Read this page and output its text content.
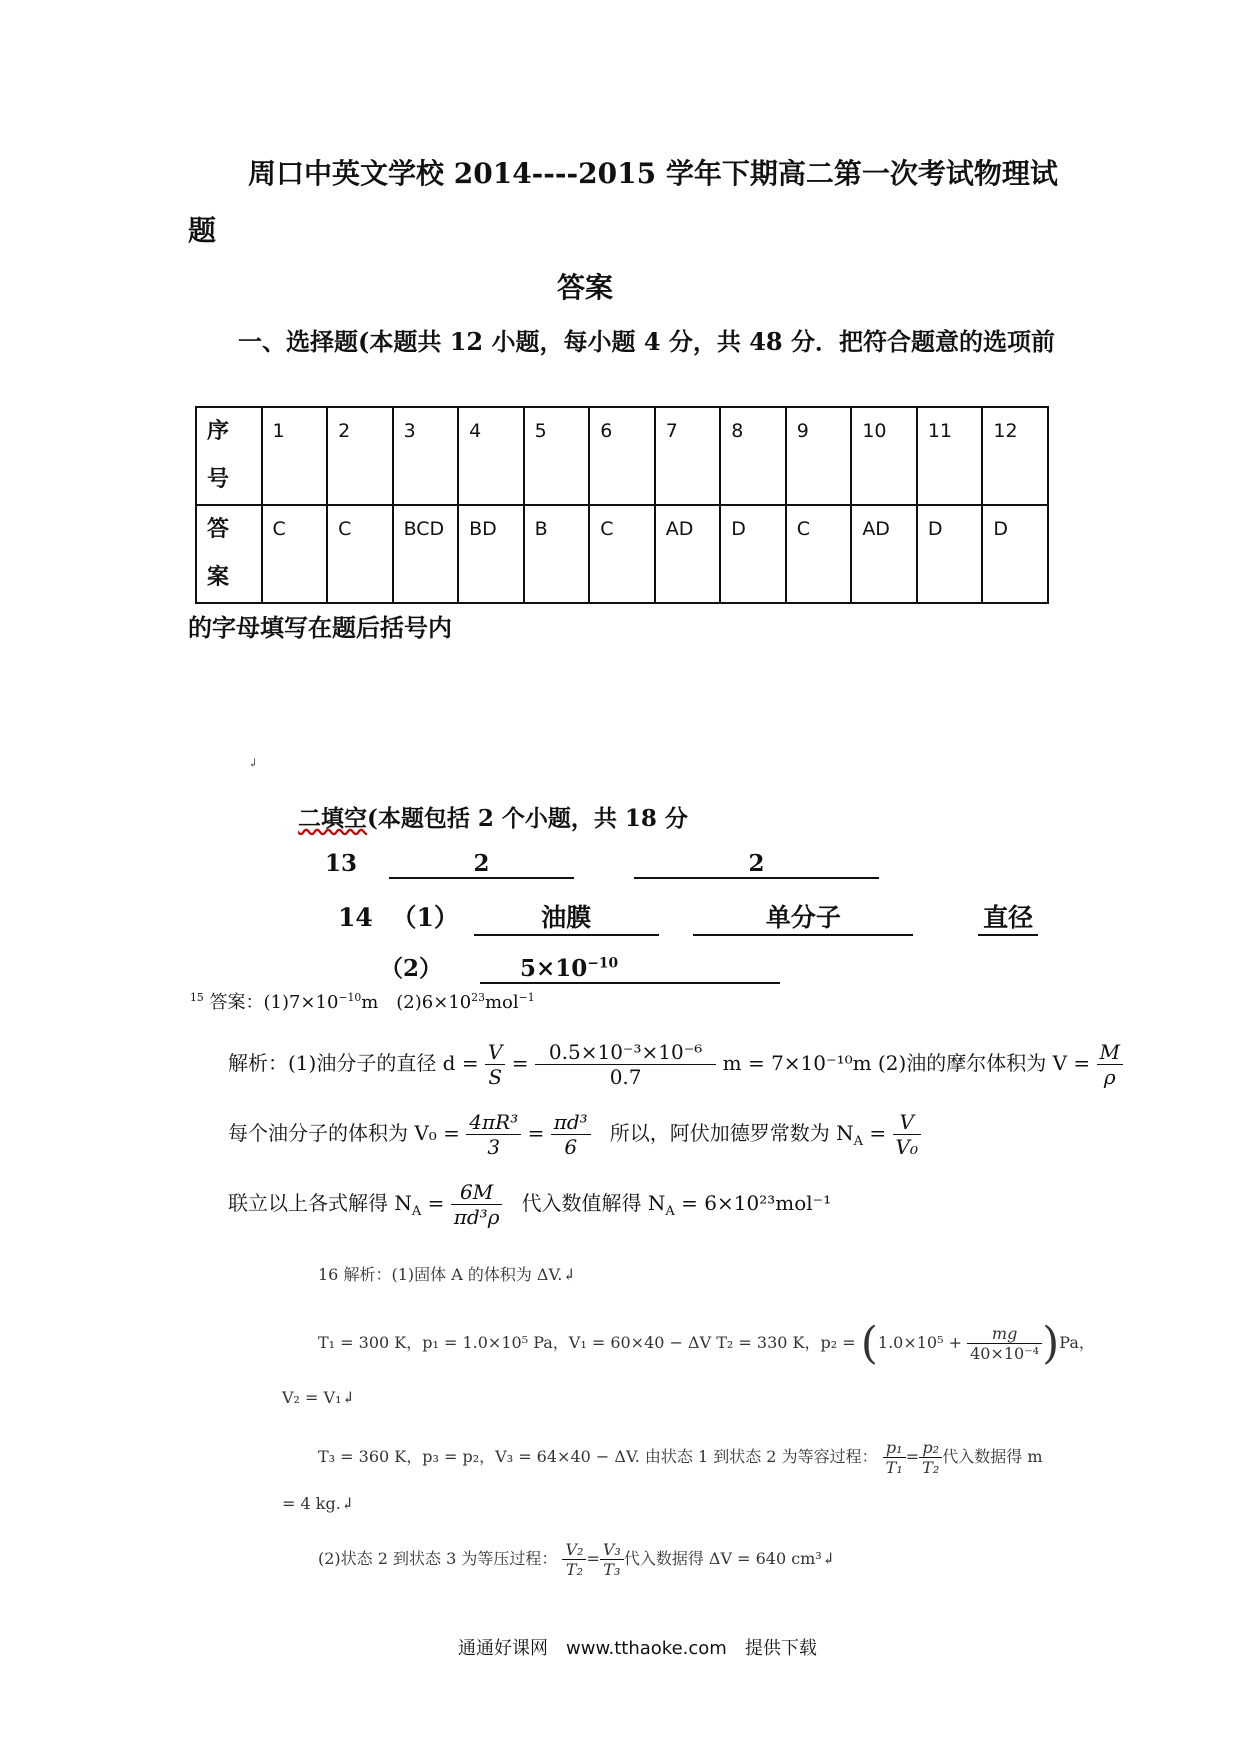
周口中英文学校 2014----2015 学年下期高二第一次考试物理试
题
答案
一、选择题(本题共 12 小题，每小题 4 分，共 48 分．把符合题意的选项前
序号	1	2	3	4	5	6	7	8	9	10	11	12

答案	C	C	BCD	BD	B	C	AD	D	C	AD	D	D
的字母填写在题后括号内
↲
二填空(本题包括 2 个小题，共 18 分
13	2	2
14 （1）	油膜	单分子	直径
（2）	$5\times 10^{-10}$
$^{15}$ 答案：$(1)7\times 10^{-10}m$　$(2)6\times 10^{23}mol^{-1}$
解析：(1)油分子的直径 $d = \frac{V}{S} = \frac{\text{0.5×10⁻³×10⁻⁶}}{0.7}$ m = 7×10⁻¹⁰m (2)油的摩尔体积为 $V = \frac{M}{\rho}$
每个油分子的体积为 $V_0 = \frac{\text{4πR³}}{3} = \frac{\text{πd³}}{6}$ 所以，阿伏加德罗常数为 $N_A = \frac{V}{\text{V₀}}$
联立以上各式解得 $N_A = \frac{6M}{\text{πd³ρ}}$ 代入数值解得 $N_A = 6\times 10^{23}mol^{-1}$
16 解析：(1)固体 A 的体积为 ΔV.↲
T₁ = 300 K，p₁ = 1.0×10⁵ Pa，V₁ = 60×40 − ΔV T₂ = 330 K，$p_2 = (1.0\times 10^5 + \frac{mg}{\text{40×10⁻⁴}} )Pa$，
V₂ = V₁↲
T₃ = 360 K，p₃ = p₂，V₃ = 64×40 − ΔV. 由状态 1 到状态 2 为等容过程： $\frac{\text{p₁}}{\text{T₁}} = \frac{\text{p₂}}{\text{T₂}}$ 代入数据得 m
= 4 kg.↲
(2)状态 2 到状态 3 为等压过程： $\frac{\text{V₂}}{\text{T₂}} = \frac{\text{V₃}}{\text{T₃}}$ 代入数据得 ΔV = 640 cm³↲
通通好课网　www.tthaoke.com　提供下载
